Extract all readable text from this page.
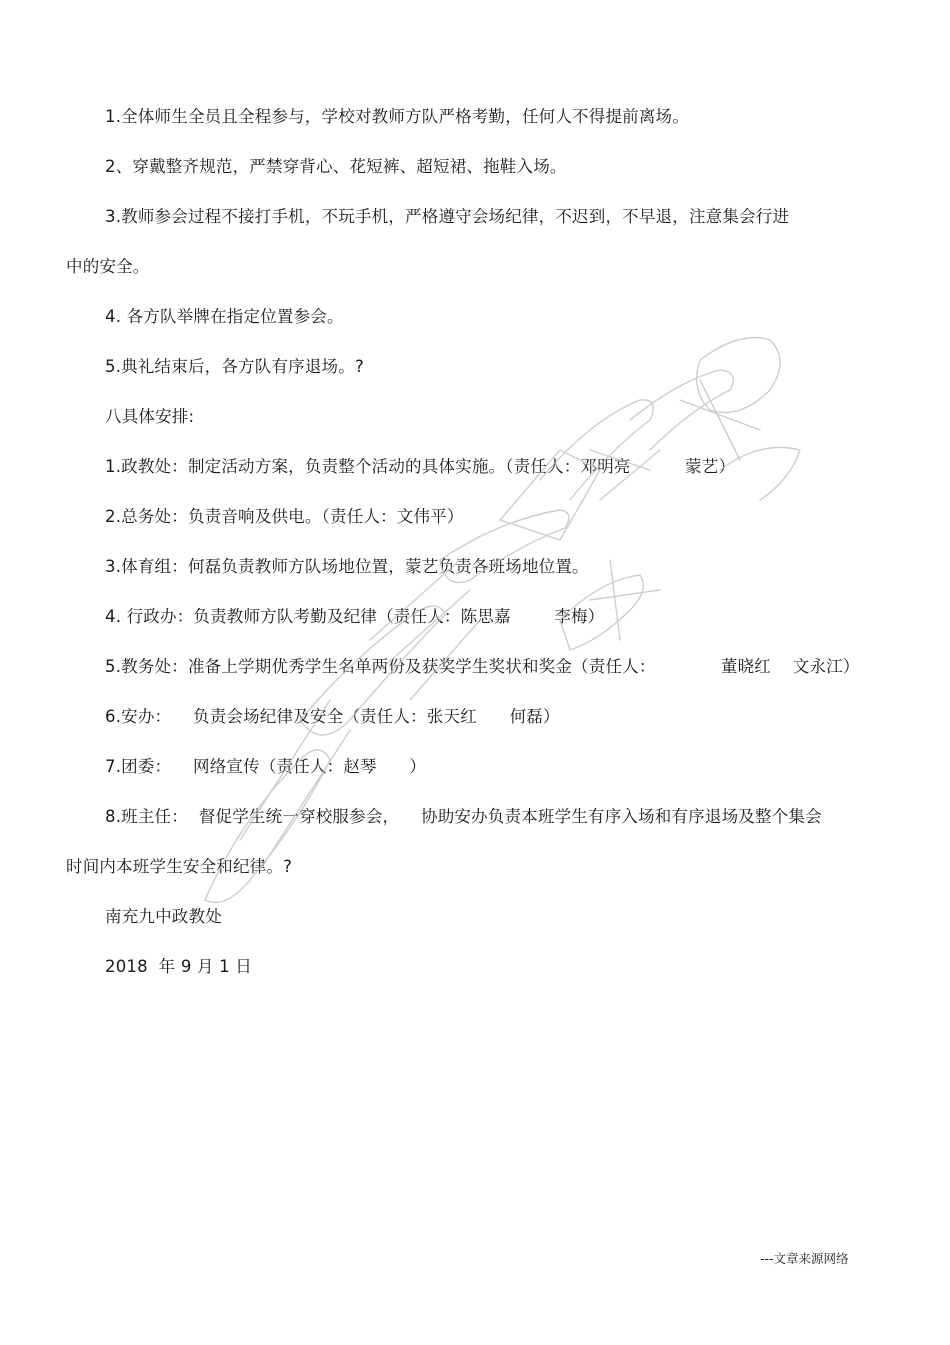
1.全体师生全员且全程参与，学校对教师方队严格考勤，任何人不得提前离场。
2、穿戴整齐规范，严禁穿背心、花短裤、超短裙、拖鞋入场。
3.教师参会过程不接打手机，不玩手机，严格遵守会场纪律，不迟到，不早退，注意集会行进
中的安全。
4. 各方队举牌在指定位置参会。
5.典礼结束后，各方队有序退场。?
八具体安排:
1.政教处：制定活动方案，负责整个活动的具体实施。（责任人：邓明亮          蒙艺）
2.总务处：负责音响及供电。（责任人：文伟平）
3.体育组：何磊负责教师方队场地位置，蒙艺负责各班场地位置。
4. 行政办：负责教师方队考勤及纪律（责任人：陈思嘉        李梅）
5.教务处：准备上学期优秀学生名单两份及获奖学生奖状和奖金（责任人：            董晓红    文永江）
6.安办：    负责会场纪律及安全（责任人：张天红      何磊）
7.团委：    网络宣传（责任人：赵琴      ）
8.班主任：  督促学生统一穿校服参会，    协助安办负责本班学生有序入场和有序退场及整个集会
时间内本班学生安全和纪律。?
南充九中政教处
2018  年 9 月 1 日
---文章来源网络
